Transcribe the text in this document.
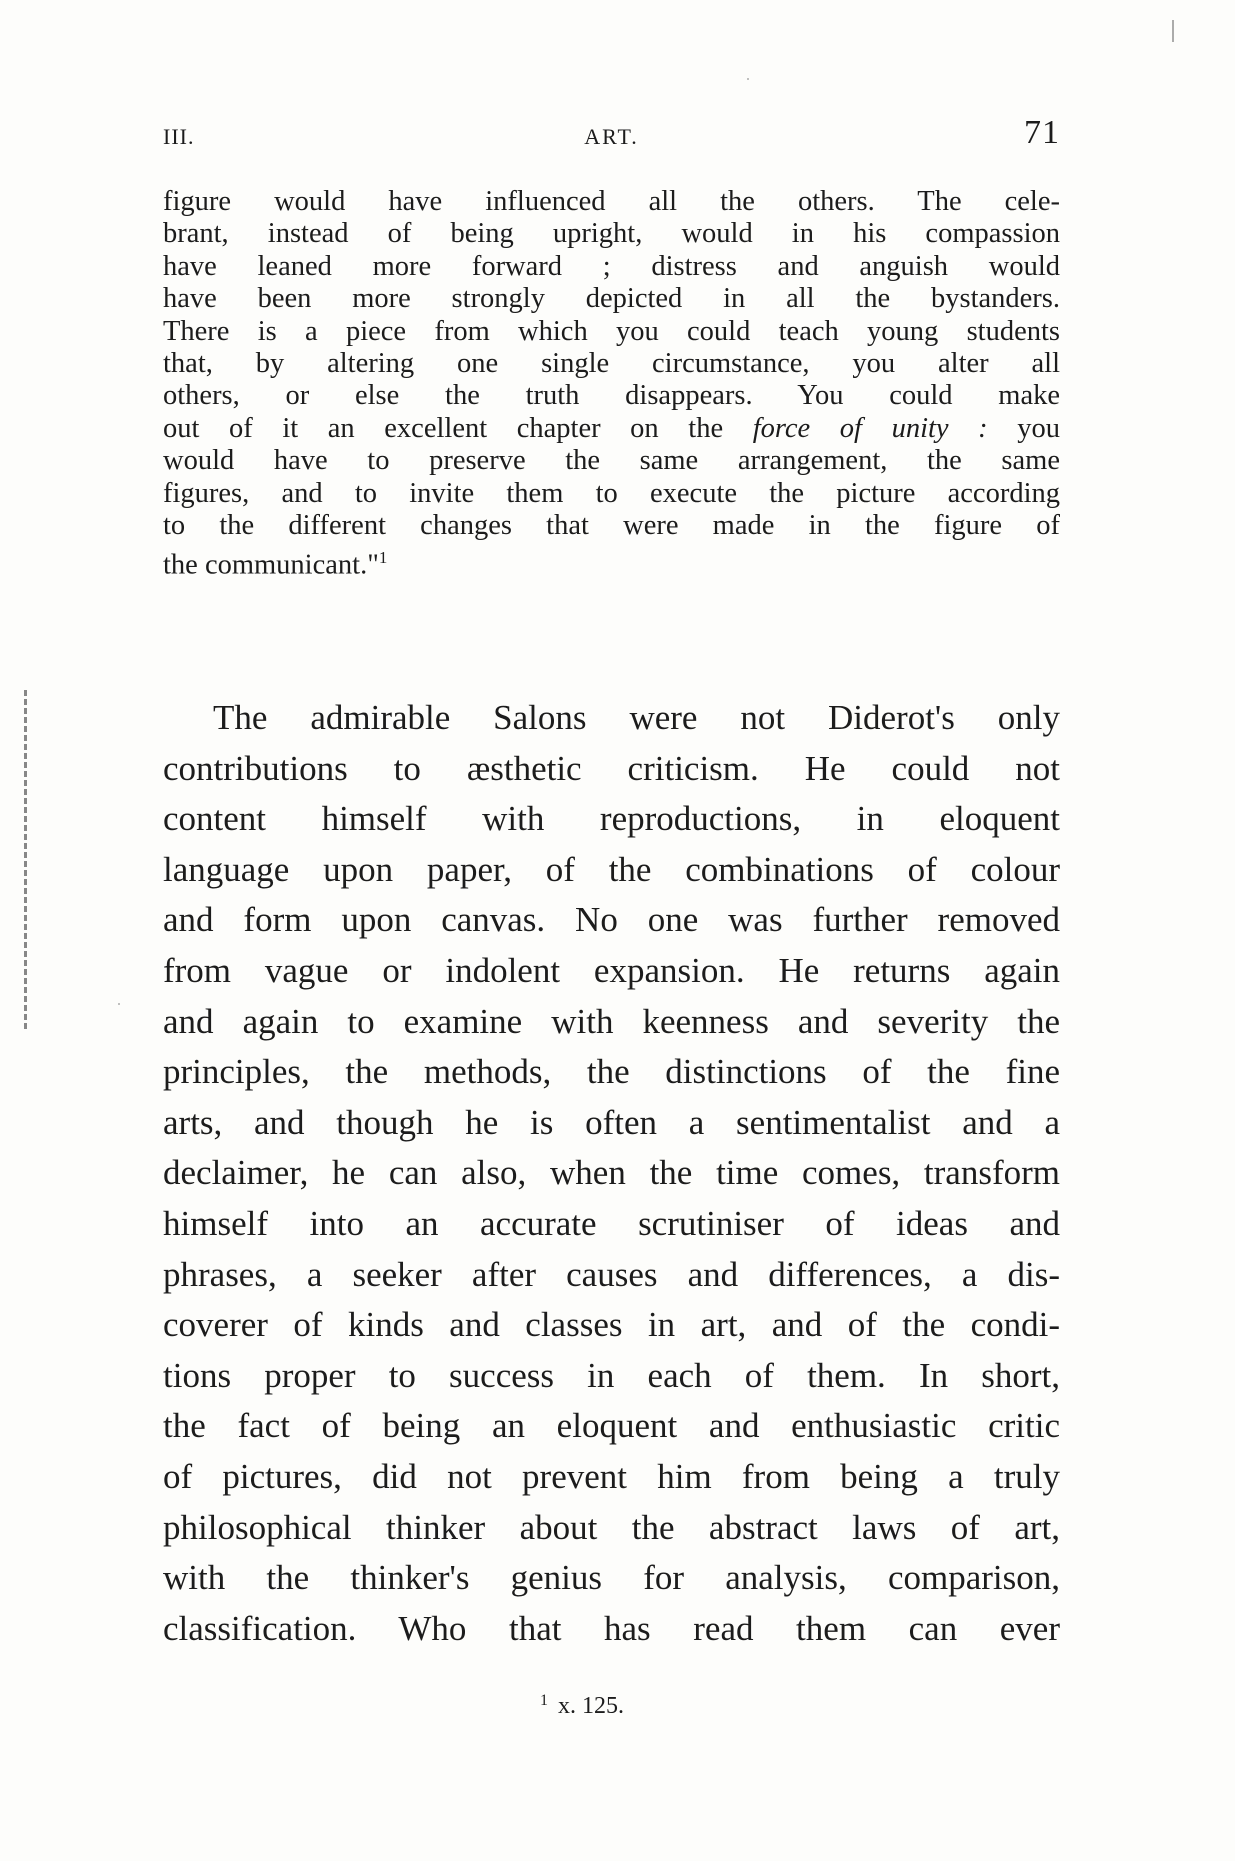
III.	ART.	71
figure would have influenced all the others. The cele-
brant, instead of being upright, would in his compassion
have leaned more forward ; distress and anguish would
have been more strongly depicted in all the bystanders.
There is a piece from which you could teach young students
that, by altering one single circumstance, you alter all
others, or else the truth disappears. You could make
out of it an excellent chapter on the force of unity : you
would have to preserve the same arrangement, the same
figures, and to invite them to execute the picture according
to the different changes that were made in the figure of
the communicant."$^1$
The admirable Salons were not Diderot's only
contributions to æsthetic criticism. He could not
content himself with reproductions, in eloquent
language upon paper, of the combinations of colour
and form upon canvas. No one was further removed
from vague or indolent expansion. He returns again
and again to examine with keenness and severity the
principles, the methods, the distinctions of the fine
arts, and though he is often a sentimentalist and a
declaimer, he can also, when the time comes, transform
himself into an accurate scrutiniser of ideas and
phrases, a seeker after causes and differences, a dis-
coverer of kinds and classes in art, and of the condi-
tions proper to success in each of them. In short,
the fact of being an eloquent and enthusiastic critic
of pictures, did not prevent him from being a truly
philosophical thinker about the abstract laws of art,
with the thinker's genius for analysis, comparison,
classification. Who that has read them can ever
$^1$ x. 125.
